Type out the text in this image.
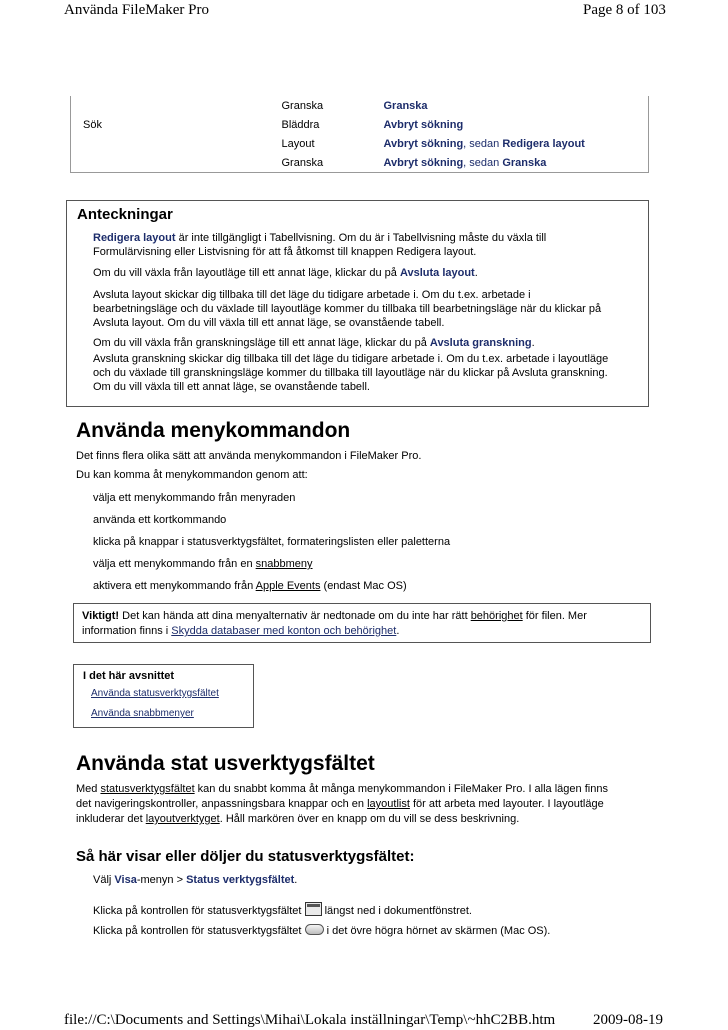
Använda FileMaker Pro	Page 8 of 103
	Granska	Granska
Sök	Bläddra	Avbryt sökning
	Layout	Avbryt sökning, sedan Redigera layout
	Granska	Avbryt sökning, sedan Granska
Anteckningar
Redigera layout är inte tillgängligt i Tabellvisning. Om du är i Tabellvisning måste du växla till
Formulärvisning eller Listvisning för att få åtkomst till knappen Redigera layout.
Om du vill växla från layoutläge till ett annat läge, klickar du på Avsluta layout.
Avsluta layout skickar dig tillbaka till det läge du tidigare arbetade i. Om du t.ex. arbetade i
bearbetningsläge och du växlade till layoutläge kommer du tillbaka till bearbetningsläge när du klickar på
Avsluta layout. Om du vill växla till ett annat läge, se ovanstående tabell.
Om du vill växla från granskningsläge till ett annat läge, klickar du på Avsluta granskning.
Avsluta granskning skickar dig tillbaka till det läge du tidigare arbetade i. Om du t.ex. arbetade i layoutläge
och du växlade till granskningsläge kommer du tillbaka till layoutläge när du klickar på Avsluta granskning.
Om du vill växla till ett annat läge, se ovanstående tabell.
Använda menykommandon
Det finns flera olika sätt att använda menykommandon i FileMaker Pro.
Du kan komma åt menykommandon genom att:
välja ett menykommando från menyraden
använda ett kortkommando
klicka på knappar i statusverktygsfältet, formateringslisten eller paletterna
välja ett menykommando från en snabbmeny
aktivera ett menykommando från Apple Events (endast Mac OS)
Viktigt! Det kan hända att dina menyalternativ är nedtonade om du inte har rätt behörighet för filen. Mer
information finns i Skydda databaser med konton och behörighet.
I det här avsnittet
Använda statusverktygsfältet
Använda snabbmenyer
Använda stat usverktygsfältet
Med statusverktygsfältet kan du snabbt komma åt många menykommandon i FileMaker Pro. I alla lägen finns
det navigeringskontroller, anpassningsbara knappar och en layoutlist för att arbeta med layouter. I layoutläge
inkluderar det layoutverktyget. Håll markören över en knapp om du vill se dess beskrivning.
Så här visar eller döljer du statusverktygsfältet:
Välj Visa-menyn > Status verktygsfältet.
Klicka på kontrollen för statusverktygsfältet  längst ned i dokumentfönstret.
Klicka på kontrollen för statusverktygsfältet  i det övre högra hörnet av skärmen (Mac OS).
file://C:\Documents and Settings\Mihai\Lokala inställningar\Temp\~hhC2BB.htm	2009-08-19
